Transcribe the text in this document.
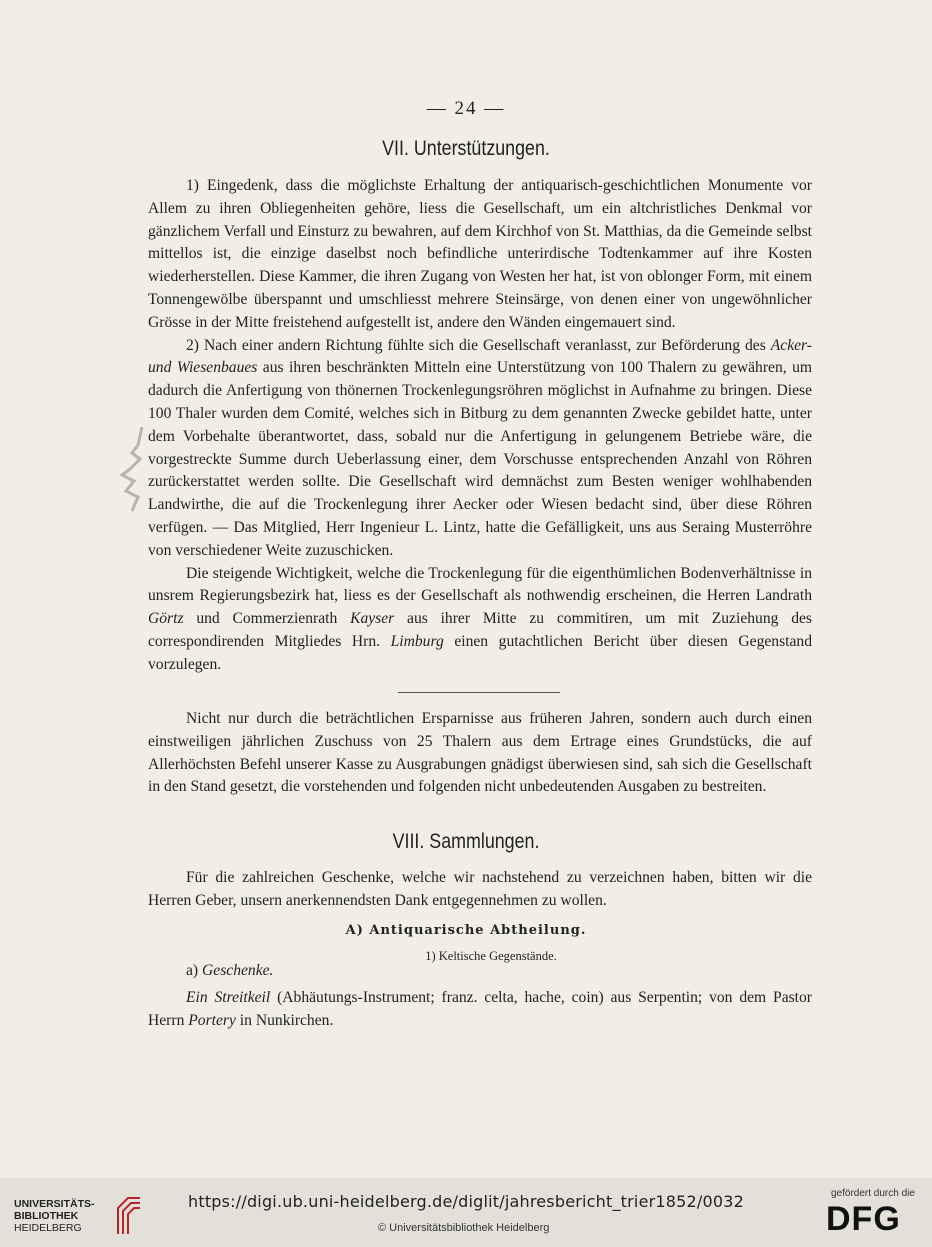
— 24 —
VII. Unterstützungen.

1) Eingedenk, dass die möglichste Erhaltung der antiquarisch-geschichtlichen Monumente vor Allem zu ihren Obliegenheiten gehöre, liess die Gesellschaft, um ein altchristliches Denkmal vor gänzlichem Verfall und Einsturz zu bewahren, auf dem Kirchhof von St. Matthias, da die Gemeinde selbst mittellos ist, die einzige daselbst noch befindliche unterirdische Todtenkammer auf ihre Kosten wiederherstellen. Diese Kammer, die ihren Zugang von Westen her hat, ist von oblonger Form, mit einem Tonnengewölbe überspannt und umschliesst mehrere Steinsärge, von denen einer von ungewöhnlicher Grösse in der Mitte freistehend aufgestellt ist, andere den Wänden eingemauert sind.

2) Nach einer andern Richtung fühlte sich die Gesellschaft veranlasst, zur Beförderung des Acker- und Wiesenbaues aus ihren beschränkten Mitteln eine Unterstützung von 100 Thalern zu gewähren, um dadurch die Anfertigung von thönernen Trockenlegungsröhren möglichst in Aufnahme zu bringen. Diese 100 Thaler wurden dem Comité, welches sich in Bitburg zu dem genannten Zwecke gebildet hatte, unter dem Vorbehalte überantwortet, dass, sobald nur die Anfertigung in gelungenem Betriebe wäre, die vorgestreckte Summe durch Ueberlassung einer, dem Vorschusse entsprechenden Anzahl von Röhren zurückerstattet werden sollte. Die Gesellschaft wird demnächst zum Besten weniger wohlhabenden Landwirthe, die auf die Trockenlegung ihrer Aecker oder Wiesen bedacht sind, über diese Röhren verfügen. — Das Mitglied, Herr Ingenieur L. Lintz, hatte die Gefälligkeit, uns aus Seraing Musterröhre von verschiedener Weite zuzuschicken.

Die steigende Wichtigkeit, welche die Trockenlegung für die eigenthümlichen Bodenverhältnisse in unsrem Regierungsbezirk hat, liess es der Gesellschaft als nothwendig erscheinen, die Herren Landrath Görtz und Commerzienrath Kayser aus ihrer Mitte zu commitiren, um mit Zuziehung des correspondirenden Mitgliedes Hrn. Limburg einen gutachtlichen Bericht über diesen Gegenstand vorzulegen.

Nicht nur durch die beträchtlichen Ersparnisse aus früheren Jahren, sondern auch durch einen einstweiligen jährlichen Zuschuss von 25 Thalern aus dem Ertrage eines Grundstücks, die auf Allerhöchsten Befehl unserer Kasse zu Ausgrabungen gnädigst überwiesen sind, sah sich die Gesellschaft in den Stand gesetzt, die vorstehenden und folgenden nicht unbedeutenden Ausgaben zu bestreiten.

VIII. Sammlungen.

Für die zahlreichen Geschenke, welche wir nachstehend zu verzeichnen haben, bitten wir die Herren Geber, unsern anerkennendsten Dank entgegennehmen zu wollen.

A) Antiquarische Abtheilung.
1) Keltische Gegenstände.
a) Geschenke.

Ein Streitkeil (Abhäutungs-Instrument; franz. celta, hache, coin) aus Serpentin; von dem Pastor Herrn Portery in Nunkirchen.

UNIVERSITÄTS-
BIBLIOTHEK
HEIDELBERG
https://digi.ub.uni-heidelberg.de/diglit/jahresbericht_trier1852/0032
© Universitätsbibliothek Heidelberg
gefördert durch die
DFG
